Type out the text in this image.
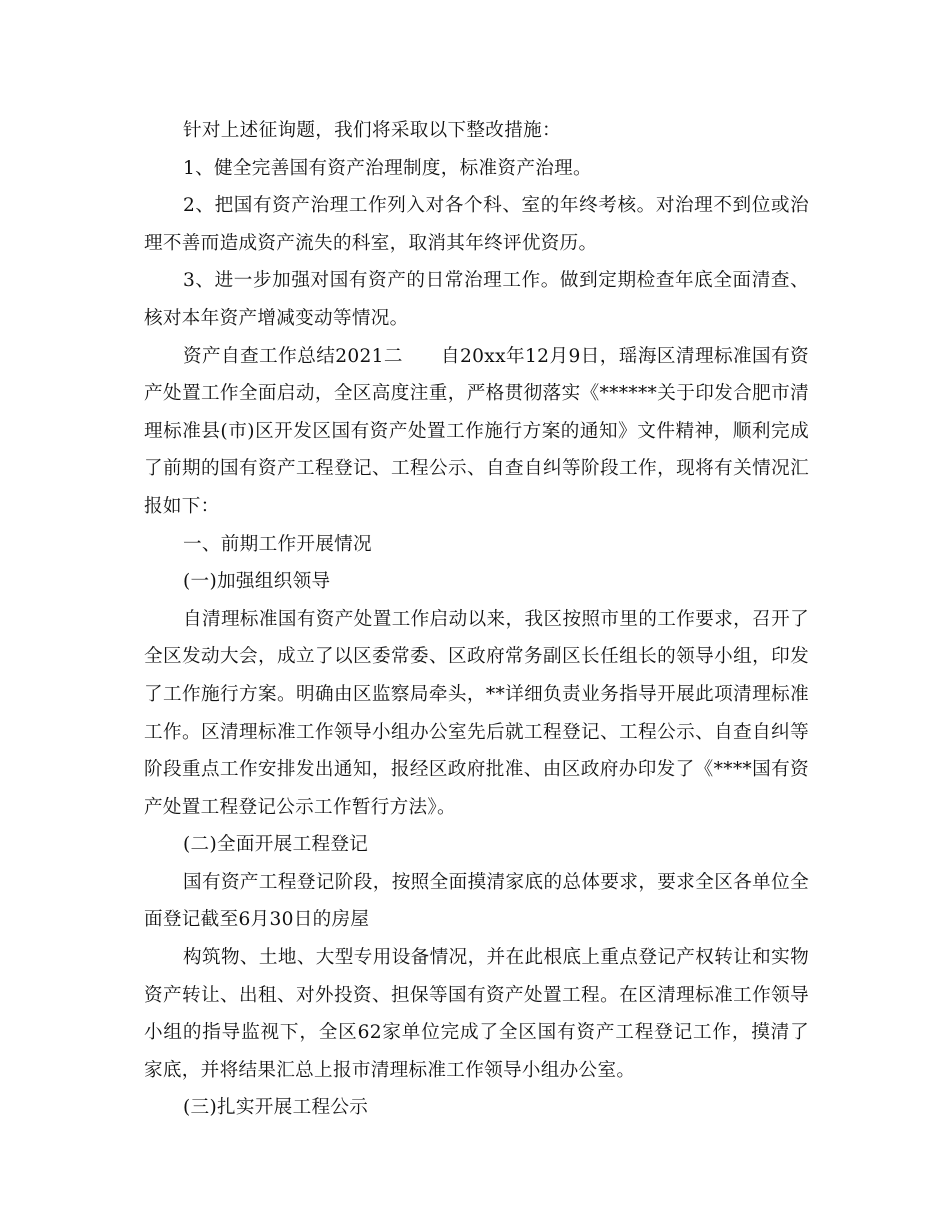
针对上述征询题，我们将采取以下整改措施：

1、健全完善国有资产治理制度，标准资产治理。

2、把国有资产治理工作列入对各个科、室的年终考核。对治理不到位或治理不善而造成资产流失的科室，取消其年终评优资历。

3、进一步加强对国有资产的日常治理工作。做到定期检查年底全面清查、核对本年资产增减变动等情况。

资产自查工作总结2021二　　自20xx年12月9日，瑶海区清理标准国有资产处置工作全面启动，全区高度注重，严格贯彻落实《******关于印发合肥市清理标准县(市)区开发区国有资产处置工作施行方案的通知》文件精神，顺利完成了前期的国有资产工程登记、工程公示、自查自纠等阶段工作，现将有关情况汇报如下：

一、前期工作开展情况

(一)加强组织领导

自清理标准国有资产处置工作启动以来，我区按照市里的工作要求，召开了全区发动大会，成立了以区委常委、区政府常务副区长任组长的领导小组，印发了工作施行方案。明确由区监察局牵头，**详细负责业务指导开展此项清理标准工作。区清理标准工作领导小组办公室先后就工程登记、工程公示、自查自纠等阶段重点工作安排发出通知，报经区政府批准、由区政府办印发了《****国有资产处置工程登记公示工作暂行方法》。

(二)全面开展工程登记

国有资产工程登记阶段，按照全面摸清家底的总体要求，要求全区各单位全面登记截至6月30日的房屋

构筑物、土地、大型专用设备情况，并在此根底上重点登记产权转让和实物资产转让、出租、对外投资、担保等国有资产处置工程。在区清理标准工作领导小组的指导监视下，全区62家单位完成了全区国有资产工程登记工作，摸清了家底，并将结果汇总上报市清理标准工作领导小组办公室。

(三)扎实开展工程公示
